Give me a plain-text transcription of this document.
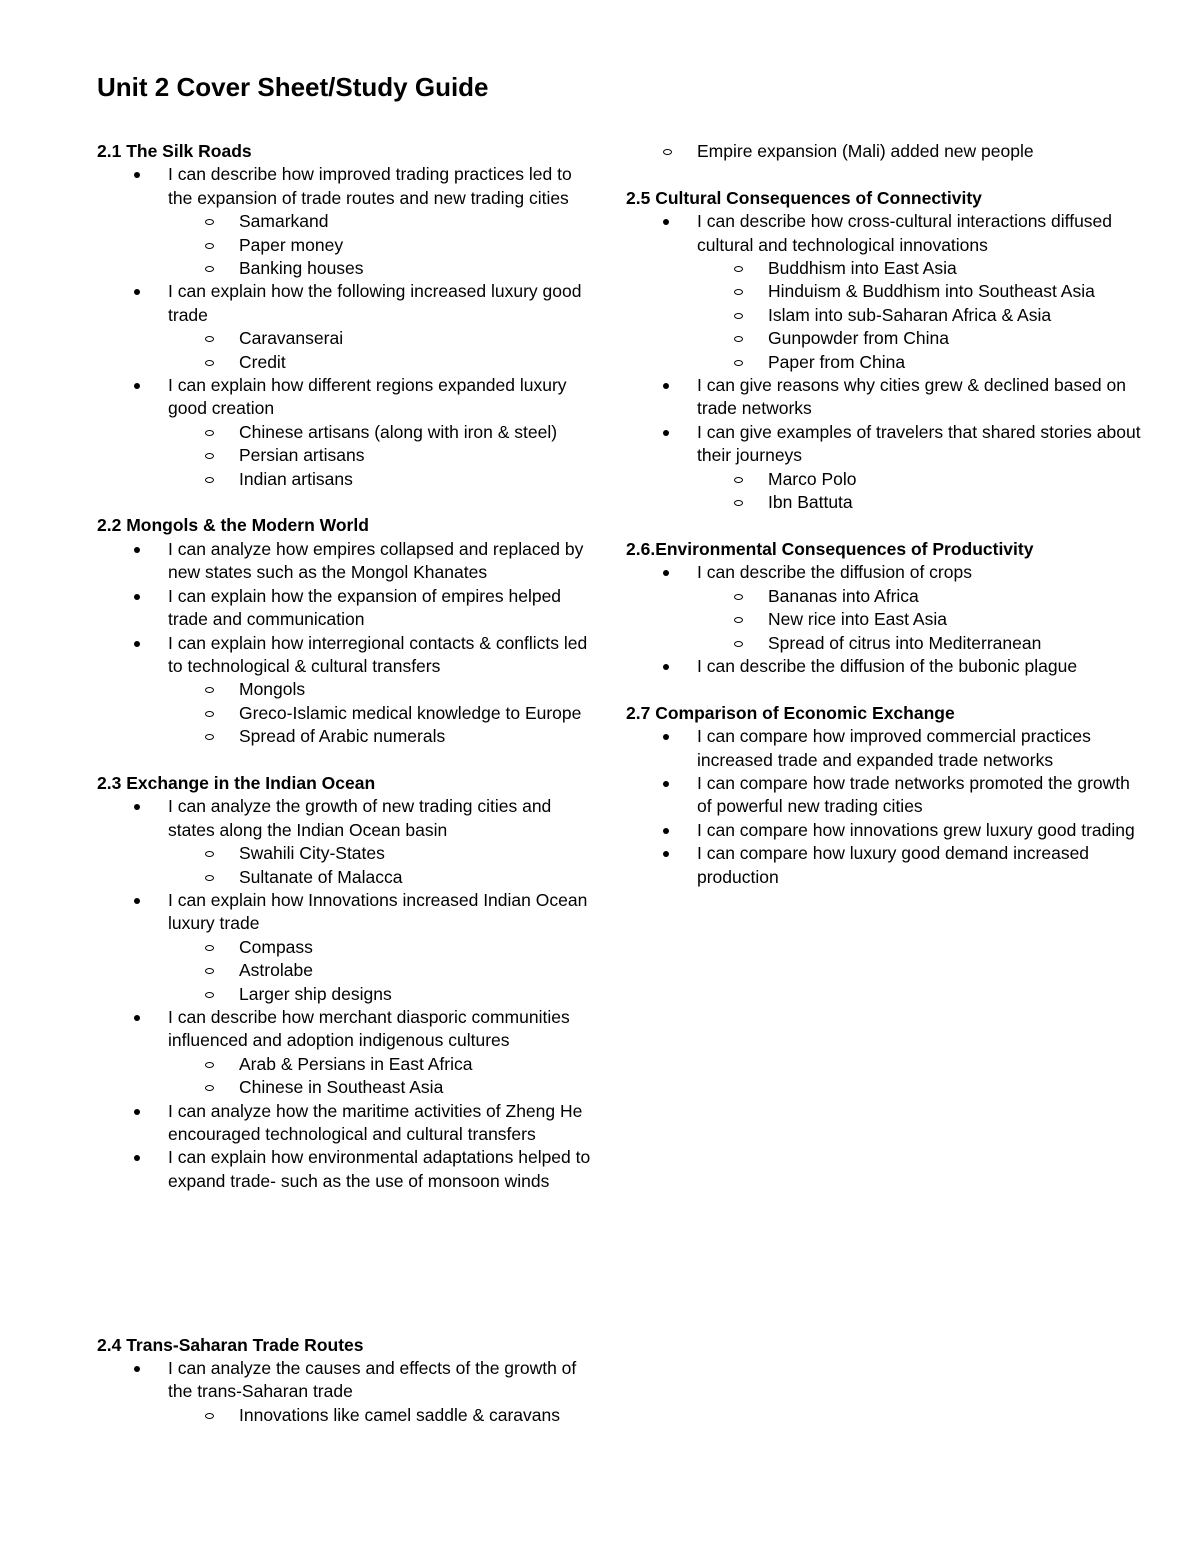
Unit 2 Cover Sheet/Study Guide
2.1 The Silk Roads
I can describe how improved trading practices led to the expansion of trade routes and new trading cities
Samarkand
Paper money
Banking houses
I can explain how the following increased luxury good trade
Caravanserai
Credit
I can explain how different regions expanded luxury good creation
Chinese artisans (along with iron & steel)
Persian artisans
Indian artisans
2.2 Mongols & the Modern World
I can analyze how empires collapsed and replaced by new states such as the Mongol Khanates
I can explain how the expansion of empires helped trade and communication
I can explain how interregional contacts & conflicts led to technological & cultural transfers
Mongols
Greco-Islamic medical knowledge to Europe
Spread of Arabic numerals
2.3 Exchange in the Indian Ocean
I can analyze the growth of new trading cities and states along the Indian Ocean basin
Swahili City-States
Sultanate of Malacca
I can explain how Innovations increased Indian Ocean luxury trade
Compass
Astrolabe
Larger ship designs
I can describe how merchant diasporic communities influenced and adoption indigenous cultures
Arab & Persians in East Africa
Chinese in Southeast Asia
I can analyze how the maritime activities of Zheng He encouraged technological and cultural transfers
I can explain how environmental adaptations helped to expand trade- such as the use of monsoon winds
2.4 Trans-Saharan Trade Routes
I can analyze the causes and effects of the growth of the trans-Saharan trade
Innovations like camel saddle & caravans
Empire expansion (Mali) added new people
2.5 Cultural Consequences of Connectivity
I can describe how cross-cultural interactions diffused cultural and technological innovations
Buddhism into East Asia
Hinduism & Buddhism into Southeast Asia
Islam into sub-Saharan Africa & Asia
Gunpowder from China
Paper from China
I can give reasons why cities grew & declined based on trade networks
I can give examples of travelers that shared stories about their journeys
Marco Polo
Ibn Battuta
2.6.Environmental Consequences of Productivity
I can describe the diffusion of crops
Bananas into Africa
New rice into East Asia
Spread of citrus into Mediterranean
I can describe the diffusion of the bubonic plague
2.7 Comparison of Economic Exchange
I can compare how improved commercial practices increased trade and expanded trade networks
I can compare how trade networks promoted the growth of powerful new trading cities
I can compare how innovations grew luxury good trading
I can compare how luxury good demand increased production
